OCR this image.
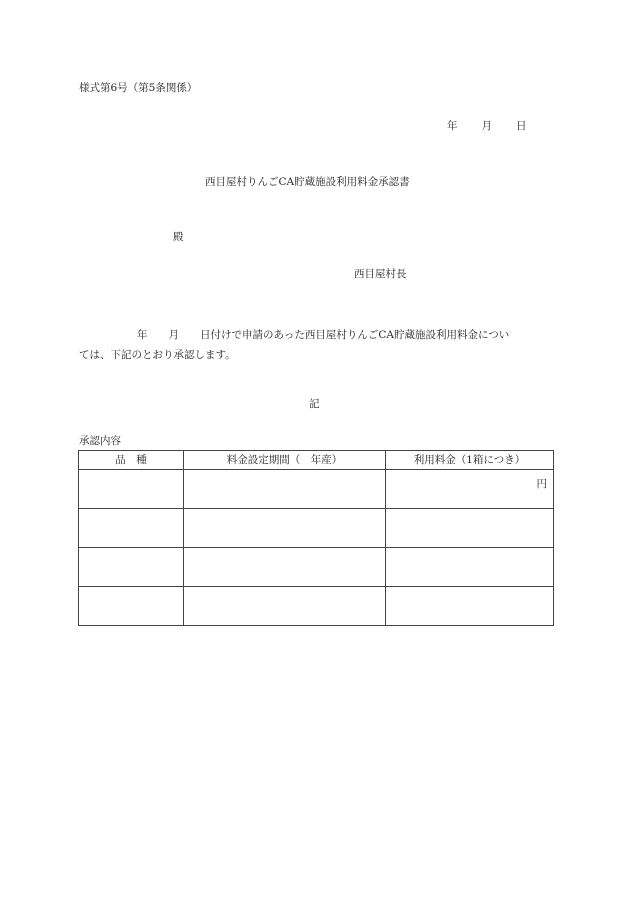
様式第6号（第5条関係）
年 月 日
西目屋村りんごCA貯蔵施設利用料金承認書
殿
西目屋村長
年　　月　　日付けで申請のあった西目屋村りんごCA貯蔵施設利用料金につい
ては、下記のとおり承認します。
記
承認内容
品　種	料金設定期間（　年産）	利用料金（1箱につき）

		円
